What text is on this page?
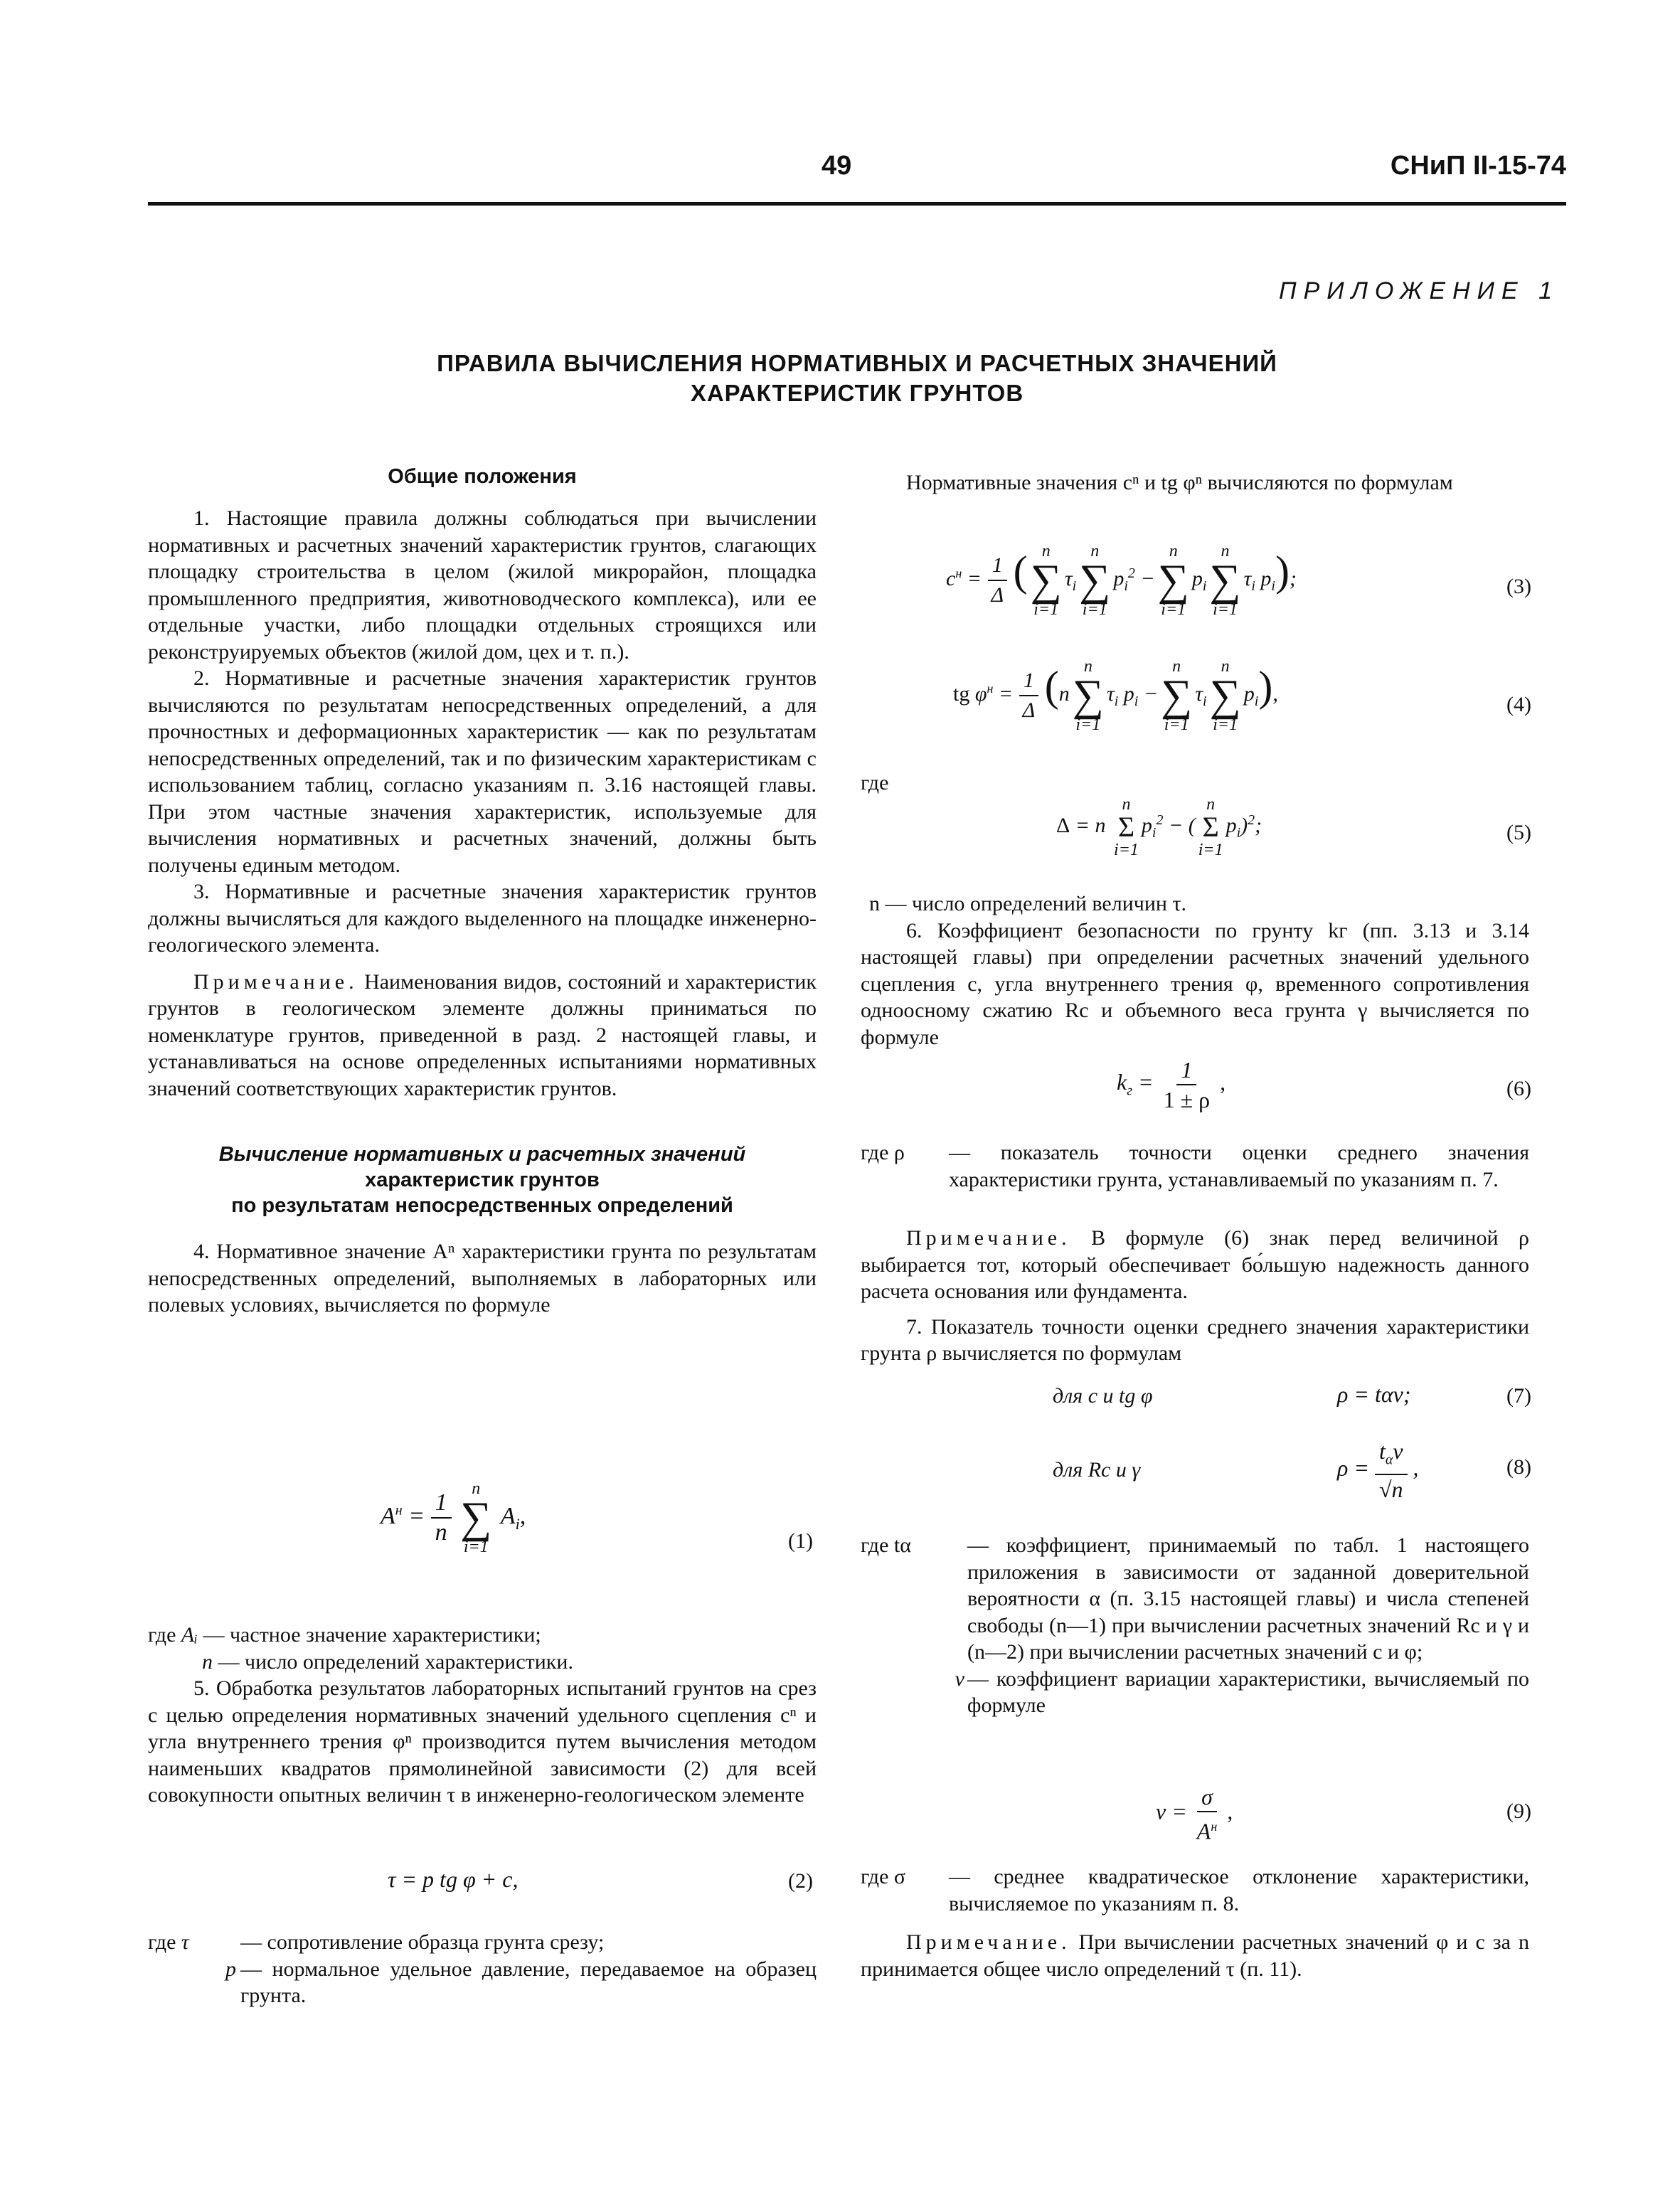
49	СНиП II-15-74
ПРИЛОЖЕНИЕ 1
ПРАВИЛА ВЫЧИСЛЕНИЯ НОРМАТИВНЫХ И РАСЧЕТНЫХ ЗНАЧЕНИЙ
ХАРАКТЕРИСТИК ГРУНТОВ
Общие положения

1. Настоящие правила должны соблюдаться при вычислении нормативных и расчетных значений характеристик грунтов, слагающих площадку строительства в целом (жилой микрорайон, площадка промышленного предприятия, животноводческого комплекса), или ее отдельные участки, либо площадки отдельных строящихся или реконструируемых объектов (жилой дом, цех и т. п.).

2. Нормативные и расчетные значения характеристик грунтов вычисляются по результатам непосредственных определений, а для прочностных и деформационных характеристик — как по результатам непосредственных определений, так и по физическим характеристикам с использованием таблиц, согласно указаниям п. 3.16 настоящей главы. При этом частные значения характеристик, используемые для вычисления нормативных и расчетных значений, должны быть получены единым методом.

3. Нормативные и расчетные значения характеристик грунтов должны вычисляться для каждого выделенного на площадке инженерно-геологического элемента.

Примечание. Наименования видов, состояний и характеристик грунтов в геологическом элементе должны приниматься по номенклатуре грунтов, приведенной в разд. 2 настоящей главы, и устанавливаться на основе определенных испытаниями нормативных значений соответствующих характеристик грунтов.

Вычисление нормативных и расчетных значений
характеристик грунтов
по результатам непосредственных определений

4. Нормативное значение Aⁿ характеристики грунта по результатам непосредственных определений, выполняемых в лабораторных или полевых условиях, вычисляется по формуле

$A^н = \frac{1}{n}$
n
∑
i=1
$A_i$,
(1)
где Aᵢ — частное значение характеристики;
n — число определений характеристики.

5. Обработка результатов лабораторных испытаний грунтов на срез с целью определения нормативных значений удельного сцепления cⁿ и угла внутреннего трения φⁿ производится путем вычисления методом наименьших квадратов прямолинейной зависимости (2) для всей совокупности опытных величин τ в инженерно-геологическом элементе

τ = p tg φ + c,	(2)
где τ	— сопротивление образца грунта срезу;
p — нормальное удельное давление, передаваемое на образец грунта.

Нормативные значения cⁿ и tg φⁿ вычисляются по формулам

$c^н = \frac{1}{\Delta}$ ( n
∑
i=1
$\tau_i$
n
∑
i=1
$p_i^2$ −
n
∑
i=1
$p_i$
n
∑
i=1
$\tau_i$ $p_i$);	(3)
tg $\varphi^н = \frac{1}{\Delta} (n$
n
∑
i=1
$\tau_i$ $p_i$ −
n
∑
i=1
$\tau_i$
n
∑
i=1
$p_i$),	(4)
где
Δ = n
n
Σ
i=1
$p_i^2$ − (
n
Σ
i=1
$p_i)^2$;	(5)

n — число определений величин τ.

6. Коэффициент безопасности по грунту kг (пп. 3.13 и 3.14 настоящей главы) при определении расчетных значений удельного сцепления c, угла внутреннего трения φ, временного сопротивления одноосному сжатию Rc и объемного веса грунта γ вычисляется по формуле

$k_г = \frac{1}{1 \pm \rho}$ ,	(6)
где ρ	— показатель точности оценки среднего значения характеристики грунта, устанавливаемый по указаниям п. 7.

Примечание. В формуле (6) знак перед величиной ρ выбирается тот, который обеспечивает бо́льшую надежность данного расчета основания или фундамента.

7. Показатель точности оценки среднего значения характеристики грунта ρ вычисляется по формулам

для c и tg φ	ρ = tαv;	(7)
для Rc и γ	$\rho = \frac{t_\alpha v}{√n}$ ,	(8)
где tα	— коэффициент, принимаемый по табл. 1 настоящего приложения в зависимости от заданной доверительной вероятности α (п. 3.15 настоящей главы) и числа степеней свободы (n—1) при вычислении расчетных значений Rc и γ и (n—2) при вычислении расчетных значений c и φ;
v — коэффициент вариации характеристики, вычисляемый по формуле
$v = \frac{\sigma}{A^н}$ ,	(9)
где σ	— среднее квадратическое отклонение характеристики, вычисляемое по указаниям п. 8.

Примечание. При вычислении расчетных значений φ и c за n принимается общее число определений τ (п. 11).
